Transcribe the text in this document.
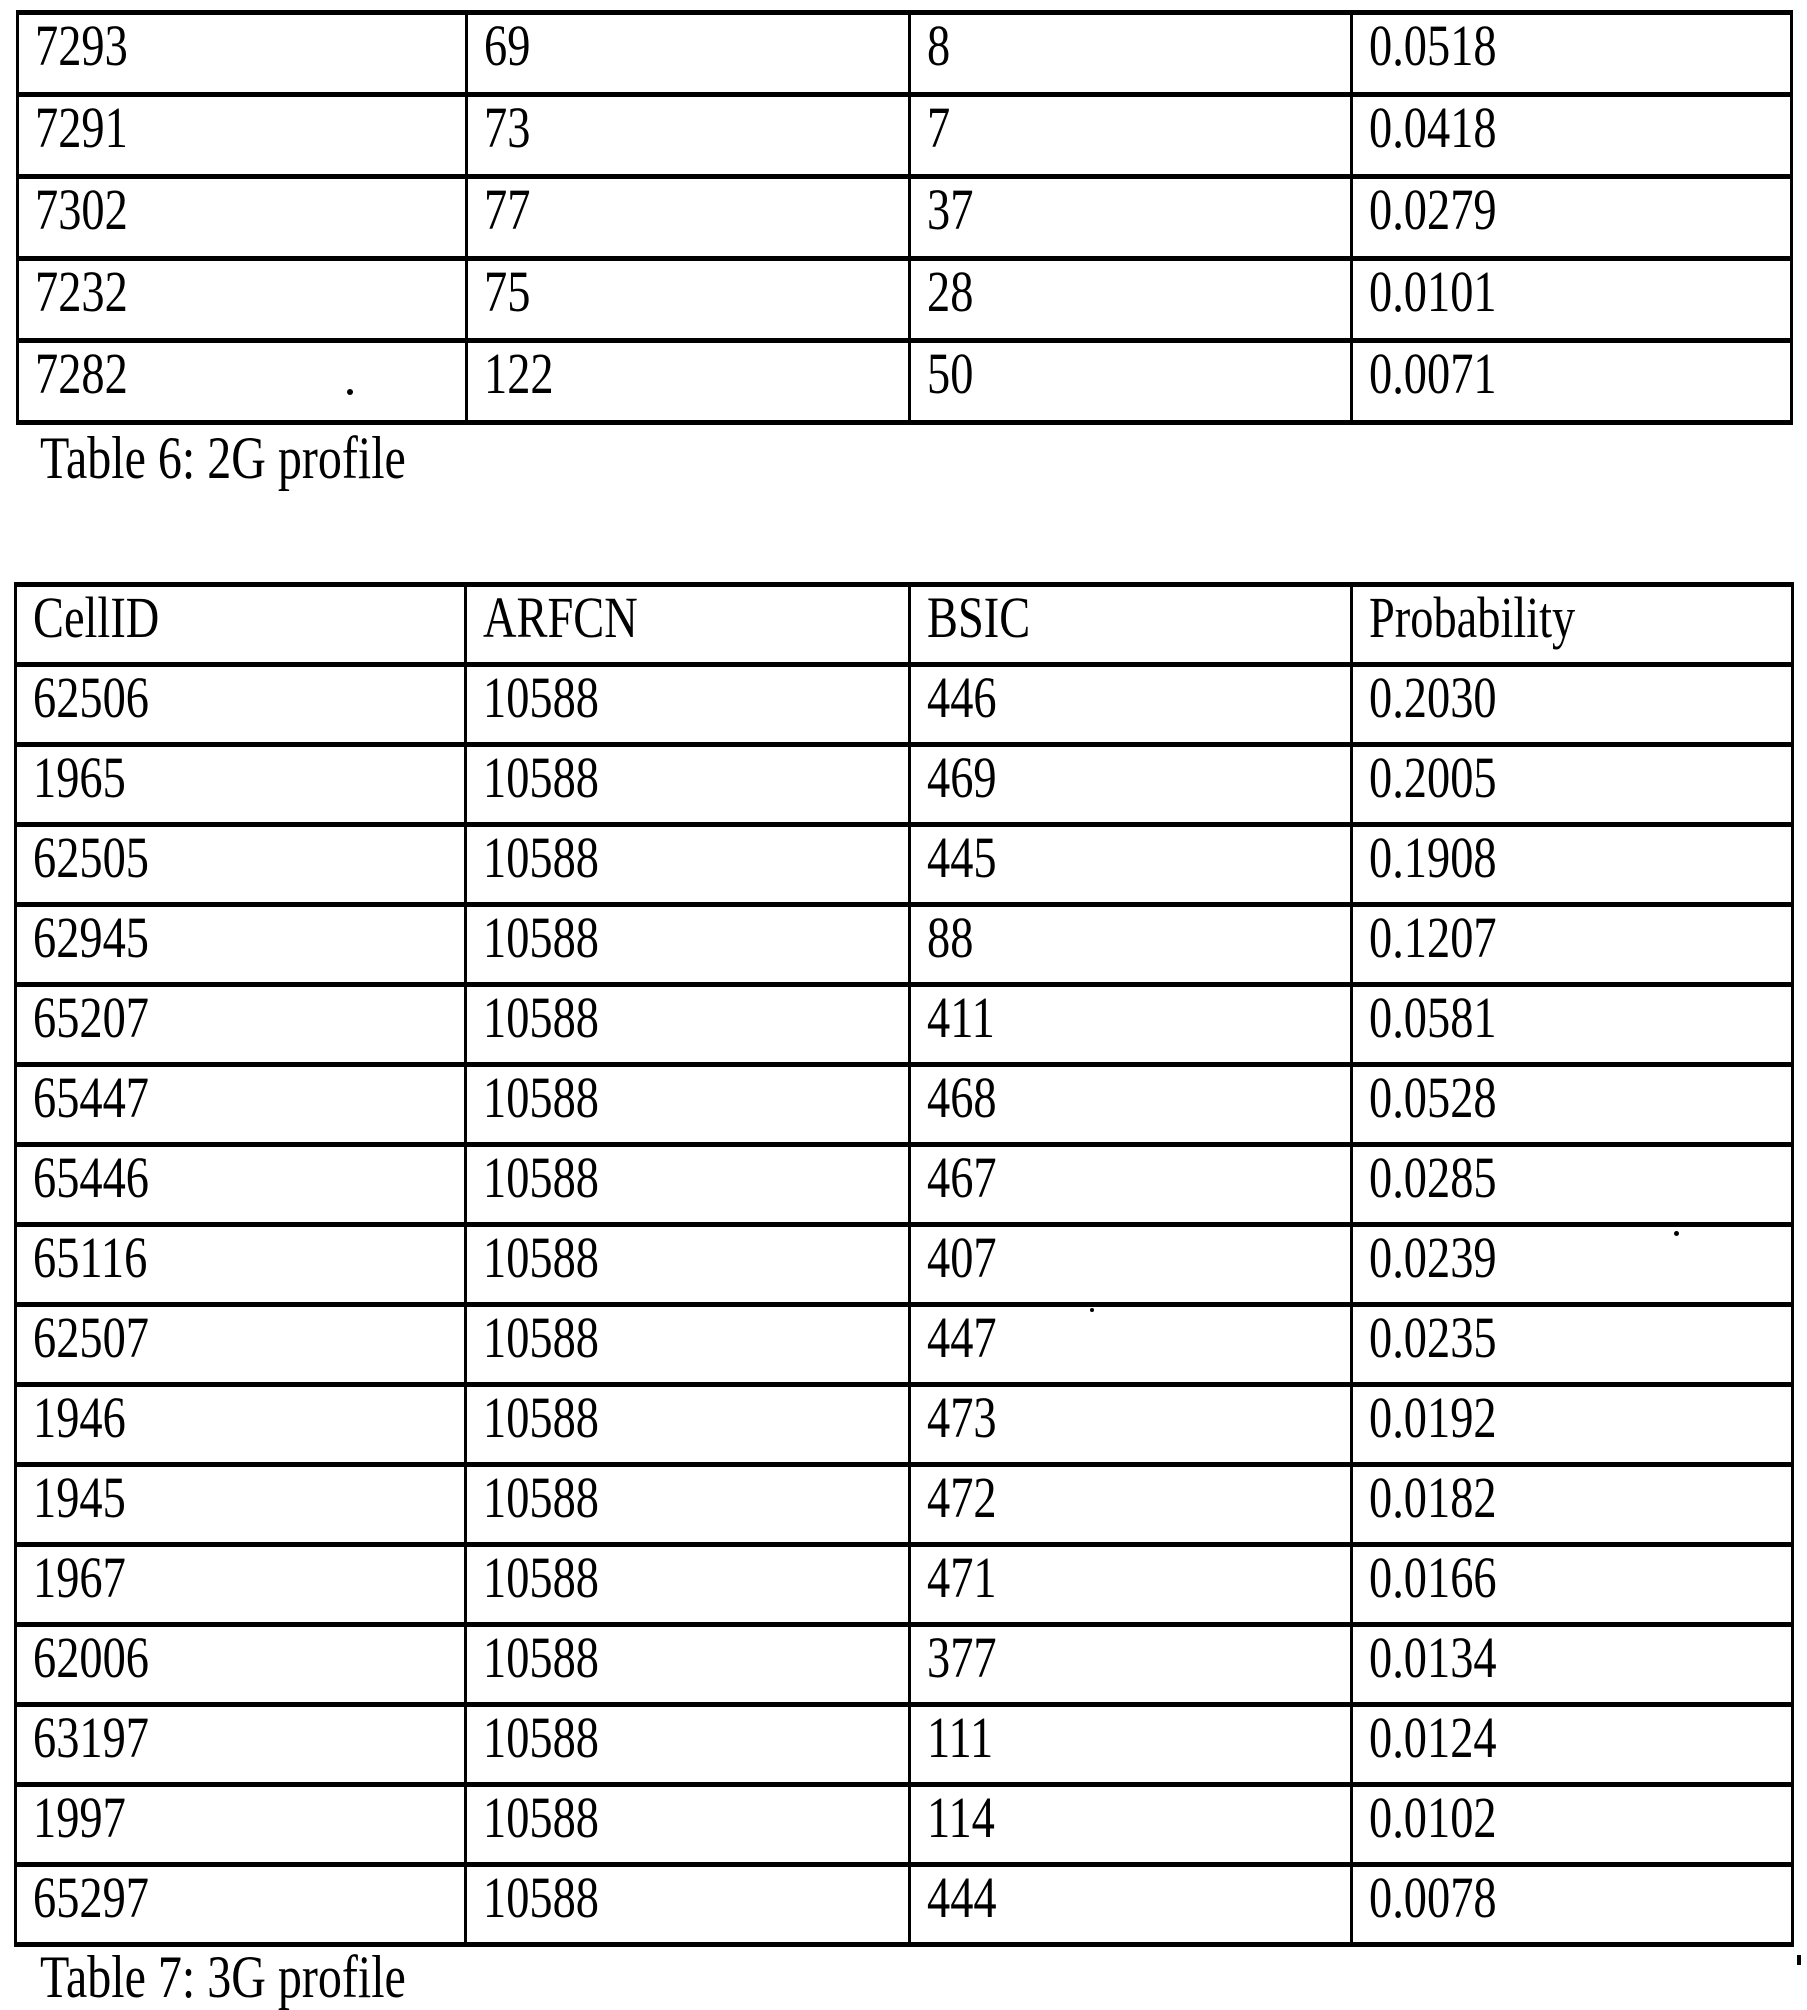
7293	69	8	0.0518
7291	73	7	0.0418
7302	77	37	0.0279
7232	75	28	0.0101
7282	122	50	0.0071
Table 6: 2G profile
CellID	ARFCN	BSIC	Probability
62506	10588	446	0.2030
1965	10588	469	0.2005
62505	10588	445	0.1908
62945	10588	88	0.1207
65207	10588	411	0.0581
65447	10588	468	0.0528
65446	10588	467	0.0285
65116	10588	407	0.0239
62507	10588	447	0.0235
1946	10588	473	0.0192
1945	10588	472	0.0182
1967	10588	471	0.0166
62006	10588	377	0.0134
63197	10588	111	0.0124
1997	10588	114	0.0102
65297	10588	444	0.0078
Table 7: 3G profile
